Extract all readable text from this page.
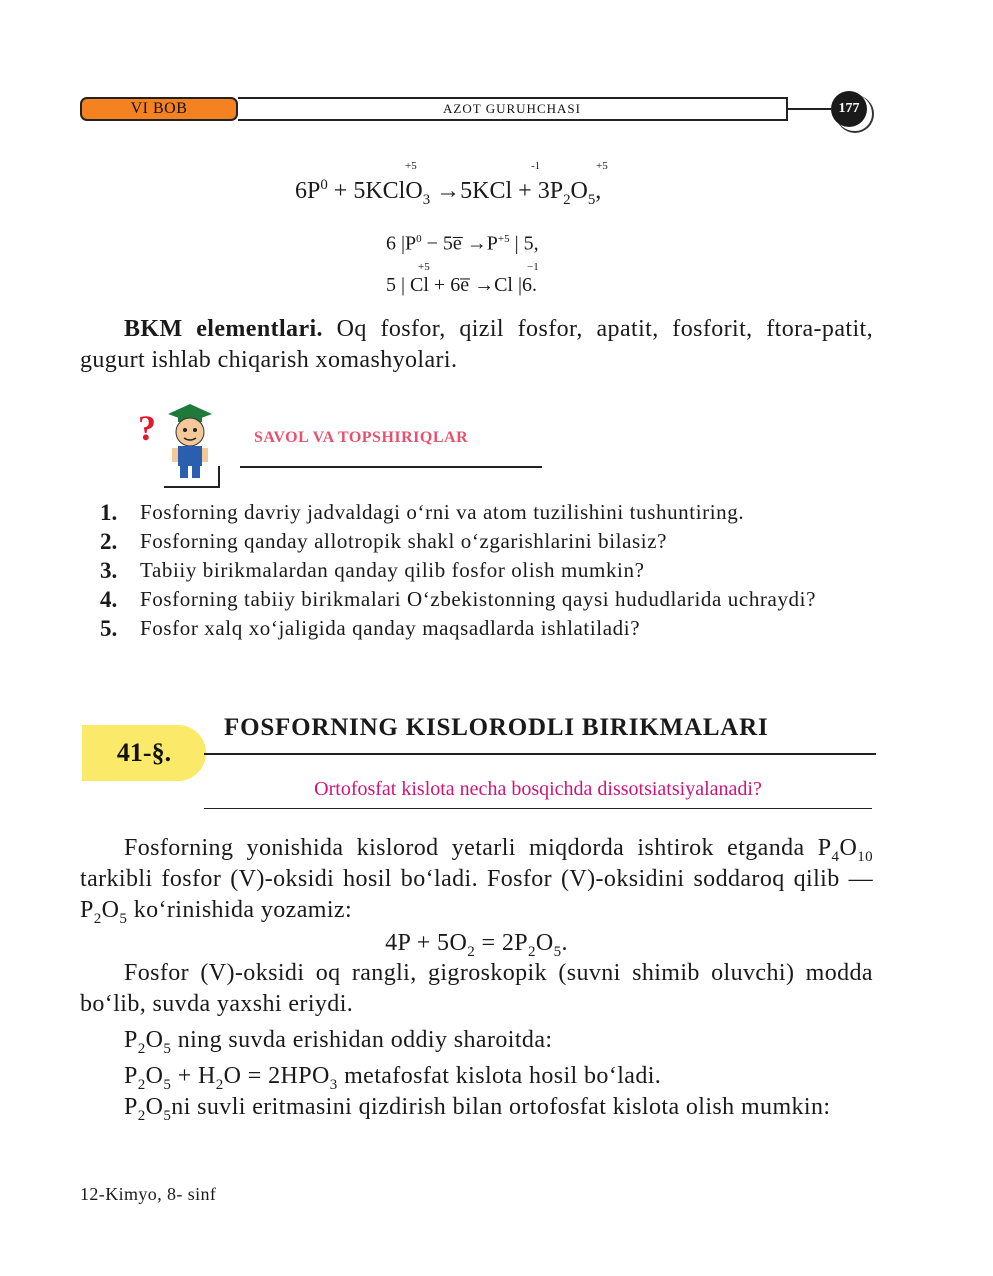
VI BOB	AZOT GURUHCHASI	177
+5	-1	+5
$6P^0$ + 5KClO$_3$ $\to 5KCl + 3P_2O_5$,
6 $|P^0$ − 5e̅ $\to P^{+5}$ | 5,
+5	−1
5 | Cl + 6e̅ →Cl |6.
BKM elementlari. Oq fosfor, qizil fosfor, apatit, fosforit, ftora-patit, gugurt ishlab chiqarish xomashyolari.
?	SAVOL VA TOPSHIRIQLAR
1.	Fosforning davriy jadvaldagi o‘rni va atom tuzilishini tushuntiring.
2.	Fosforning qanday allotropik shakl o‘zgarishlarini bilasiz?
3.	Tabiiy birikmalardan qanday qilib fosfor olish mumkin?
4.	Fosforning tabiiy birikmalari O‘zbekistonning qaysi hududlarida uchraydi?
5.	Fosfor xalq xo‘jaligida qanday maqsadlarda ishlatiladi?
41-§.
FOSFORNING KISLORODLI BIRIKMALARI
Ortofosfat kislota necha bosqichda dissotsiatsiyalanadi?
Fosforning yonishida kislorod yetarli miqdorda ishtirok etganda $P_4O_{10}$ tarkibli fosfor (V)-oksidi hosil bo‘ladi. Fosfor (V)-oksidini soddaroq qilib — $P_2O_5$ ko‘rinishida yozamiz:
$4P + 5O_2 = 2P_2O_5$.
Fosfor (V)-oksidi oq rangli, gigroskopik (suvni shimib oluvchi) modda bo‘lib, suvda yaxshi eriydi.
$P_2O_5$ ning suvda erishidan oddiy sharoitda:
$P_2O_5 + H_2O = 2HPO_3$ metafosfat kislota hosil bo‘ladi.
$P_2O_5ni$ suvli eritmasini qizdirish bilan ortofosfat kislota olish mumkin:
12-Kimyo, 8- sinf
